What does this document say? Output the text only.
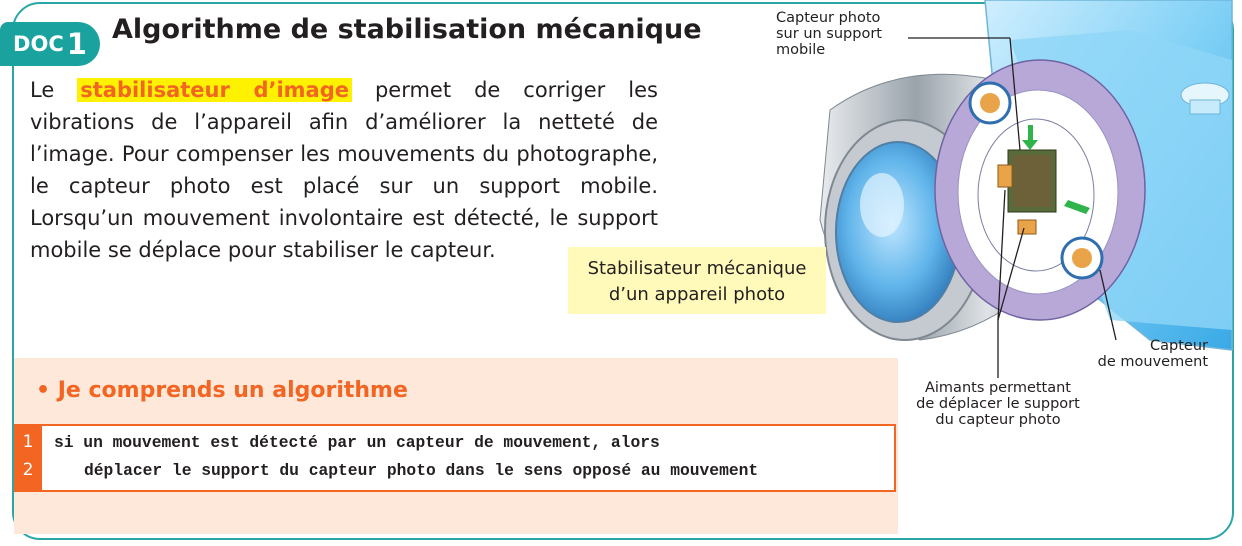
DOC 1 Algorithme de stabilisation mécanique
Le stabilisateur d’image permet de corriger les vibrations de l’appareil afin d’améliorer la netteté de l’image. Pour compenser les mouvements du photographe, le capteur photo est placé sur un support mobile. Lorsqu’un mouvement involontaire est détecté, le support mobile se déplace pour stabiliser le capteur.
Stabilisateur mécanique
d’un appareil photo
Capteur photo
sur un support
mobile
Aimants permettant
de déplacer le support
du capteur photo
Capteur
de mouvement
• Je comprends un algorithme
1
2
si un mouvement est détecté par un capteur de mouvement, alors
déplacer le support du capteur photo dans le sens opposé au mouvement
